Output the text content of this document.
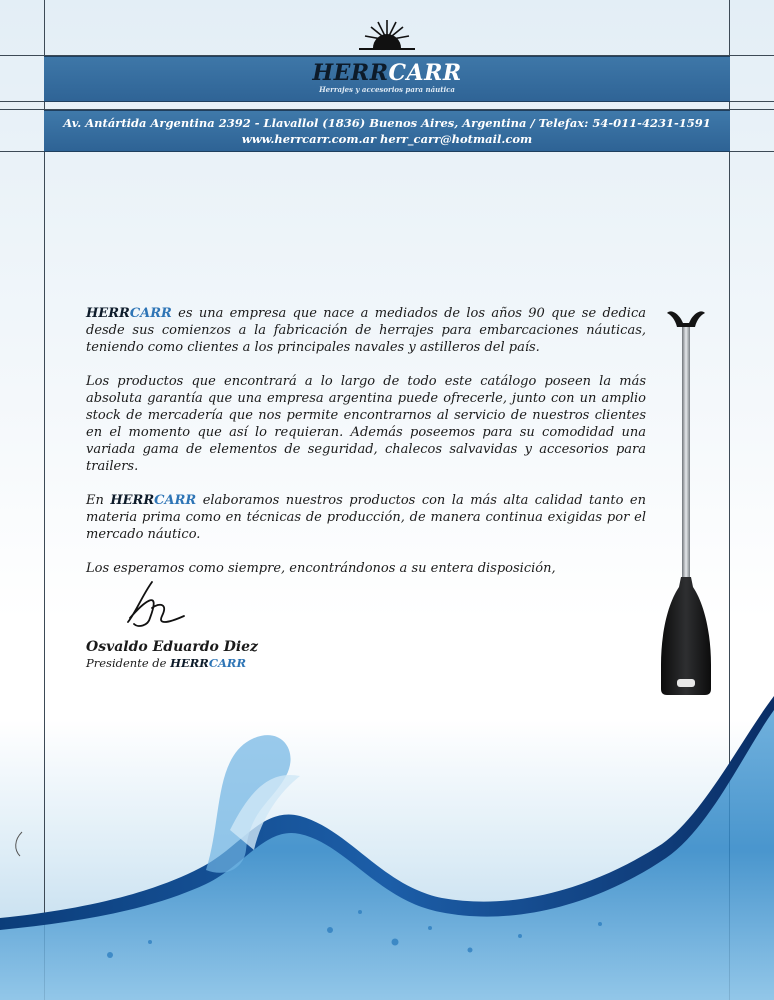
HERRCARR
Herrajes y accesorios para náutica
Av. Antártida Argentina 2392 - Llavallol (1836) Buenos Aires, Argentina / Telefax: 54-011-4231-1591
www.herrcarr.com.ar herr_carr@hotmail.com

HERRCARR es una empresa que nace a mediados de los años 90 que se dedica desde sus comienzos a la fabricación de herrajes para embarcaciones náuticas, teniendo como clientes a los principales navales y astilleros del país.

Los productos que encontrará a lo largo de todo este catálogo poseen la más absoluta garantía que una empresa argentina puede ofrecerle, junto con un amplio stock de mercadería que nos permite encontrarnos al servicio de nuestros clientes en el momento que así lo requieran. Además poseemos para su comodidad una variada gama de elementos de seguridad, chalecos salvavidas y accesorios para trailers.

En HERRCARR elaboramos nuestros productos con la más alta calidad tanto en materia prima como en técnicas de producción, de manera continua exigidas por el mercado náutico.

Los esperamos como siempre, encontrándonos a su entera disposición,

Osvaldo Eduardo Diez
Presidente de HERRCARR
